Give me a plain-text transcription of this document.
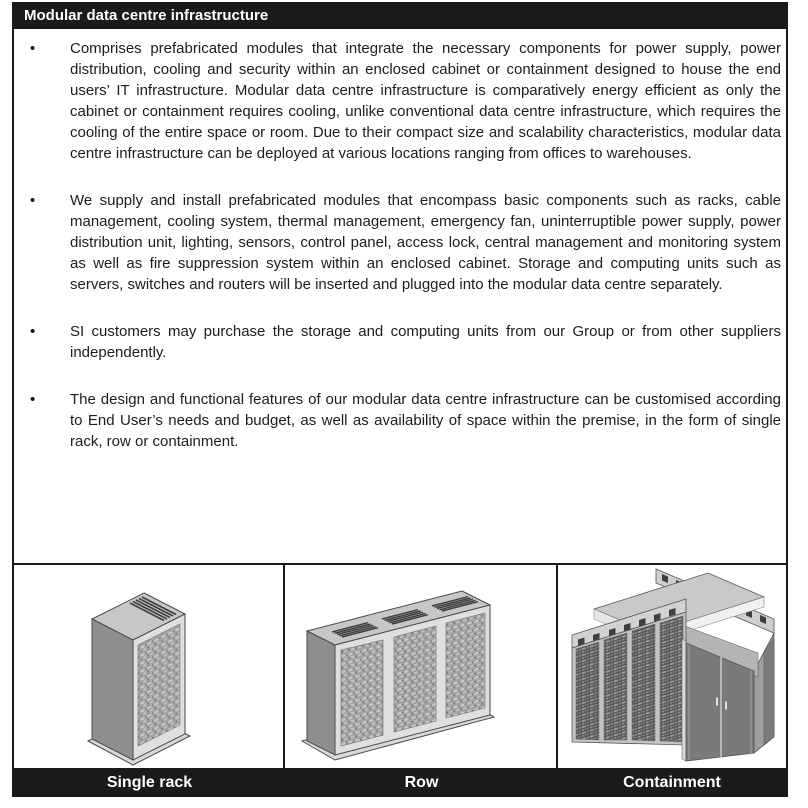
Modular data centre infrastructure
•	Comprises prefabricated modules that integrate the necessary components for power supply, power distribution, cooling and security within an enclosed cabinet or containment designed to house the end users’ IT infrastructure. Modular data centre infrastructure is comparatively energy efficient as only the cabinet or containment requires cooling, unlike conventional data centre infrastructure, which requires the cooling of the entire space or room. Due to their compact size and scalability characteristics, modular data centre infrastructure can be deployed at various locations ranging from offices to warehouses.
•	We supply and install prefabricated modules that encompass basic components such as racks, cable management, cooling system, thermal management, emergency fan, uninterruptible power supply, power distribution unit, lighting, sensors, control panel, access lock, central management and monitoring system as well as fire suppression system within an enclosed cabinet. Storage and computing units such as servers, switches and routers will be inserted and plugged into the modular data centre separately.
•	SI customers may purchase the storage and computing units from our Group or from other suppliers independently.
•	The design and functional features of our modular data centre infrastructure can be customised according to End User’s needs and budget, as well as availability of space within the premise, in the form of single rack, row or containment.
Single rack	Row	Containment
